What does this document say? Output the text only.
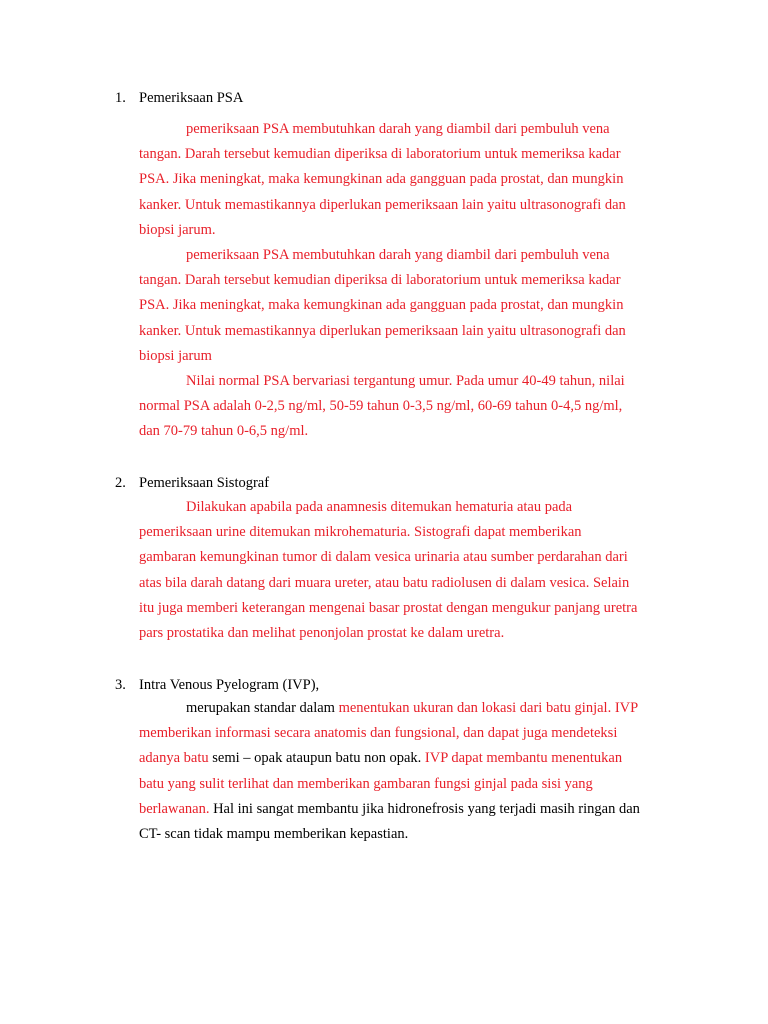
1. Pemeriksaan PSA
pemeriksaan PSA membutuhkan darah yang diambil dari pembuluh vena
tangan. Darah tersebut kemudian diperiksa di laboratorium untuk memeriksa kadar
PSA. Jika meningkat, maka kemungkinan ada gangguan pada prostat, dan mungkin
kanker. Untuk memastikannya diperlukan pemeriksaan lain yaitu ultrasonografi dan
biopsi jarum.
pemeriksaan PSA membutuhkan darah yang diambil dari pembuluh vena
tangan. Darah tersebut kemudian diperiksa di laboratorium untuk memeriksa kadar
PSA. Jika meningkat, maka kemungkinan ada gangguan pada prostat, dan mungkin
kanker. Untuk memastikannya diperlukan pemeriksaan lain yaitu ultrasonografi dan
biopsi jarum
Nilai normal PSA bervariasi tergantung umur. Pada umur 40-49 tahun, nilai
normal PSA adalah 0-2,5 ng/ml, 50-59 tahun 0-3,5 ng/ml, 60-69 tahun 0-4,5 ng/ml,
dan 70-79 tahun 0-6,5 ng/ml.
2. Pemeriksaan Sistograf
Dilakukan apabila pada anamnesis ditemukan hematuria atau pada
pemeriksaan urine ditemukan mikrohematuria. Sistografi dapat memberikan
gambaran kemungkinan tumor di dalam vesica urinaria atau sumber perdarahan dari
atas bila darah datang dari muara ureter, atau batu radiolusen di dalam vesica. Selain
itu juga memberi keterangan mengenai basar prostat dengan mengukur panjang uretra
pars prostatika dan melihat penonjolan prostat ke dalam uretra.
3. Intra Venous Pyelogram (IVP),
merupakan standar dalam menentukan ukuran dan lokasi dari batu ginjal. IVP
memberikan informasi secara anatomis dan fungsional, dan dapat juga mendeteksi
adanya batu semi – opak ataupun batu non opak. IVP dapat membantu menentukan
batu yang sulit terlihat dan memberikan gambaran fungsi ginjal pada sisi yang
berlawanan. Hal ini sangat membantu jika hidronefrosis yang terjadi masih ringan dan
CT- scan tidak mampu memberikan kepastian.
